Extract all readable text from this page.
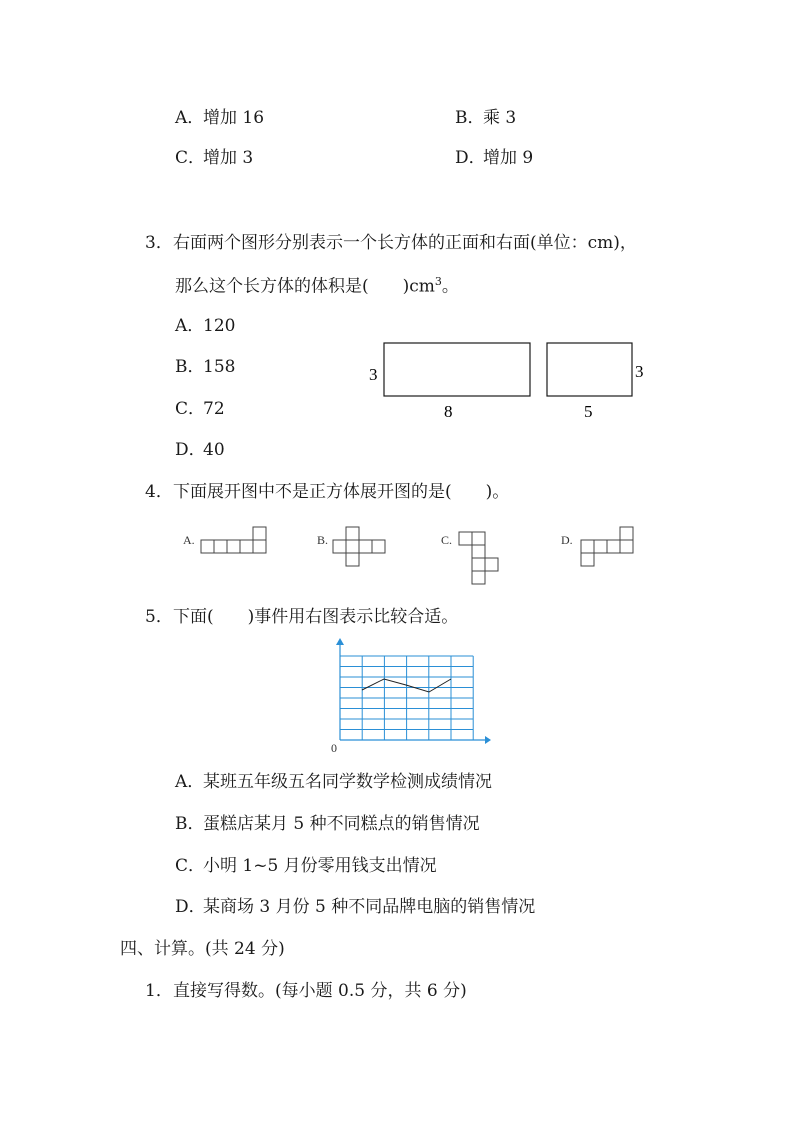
A．增加 16	B．乘 3
C．增加 3	D．增加 9
3．右面两个图形分别表示一个长方体的正面和右面(单位：cm)，
那么这个长方体的体积是(　　)$cm^3$。
A．120
B．158
C．72
D．40
3
8
3
5
4．下面展开图中不是正方体展开图的是(　　)。
A.	B.	C.	D.
5．下面(　　)事件用右图表示比较合适。
0
A．某班五年级五名同学数学检测成绩情况
B．蛋糕店某月 5 种不同糕点的销售情况
C．小明 1~5 月份零用钱支出情况
D．某商场 3 月份 5 种不同品牌电脑的销售情况
四、计算。(共 24 分)
1．直接写得数。(每小题 0.5 分，共 6 分)
